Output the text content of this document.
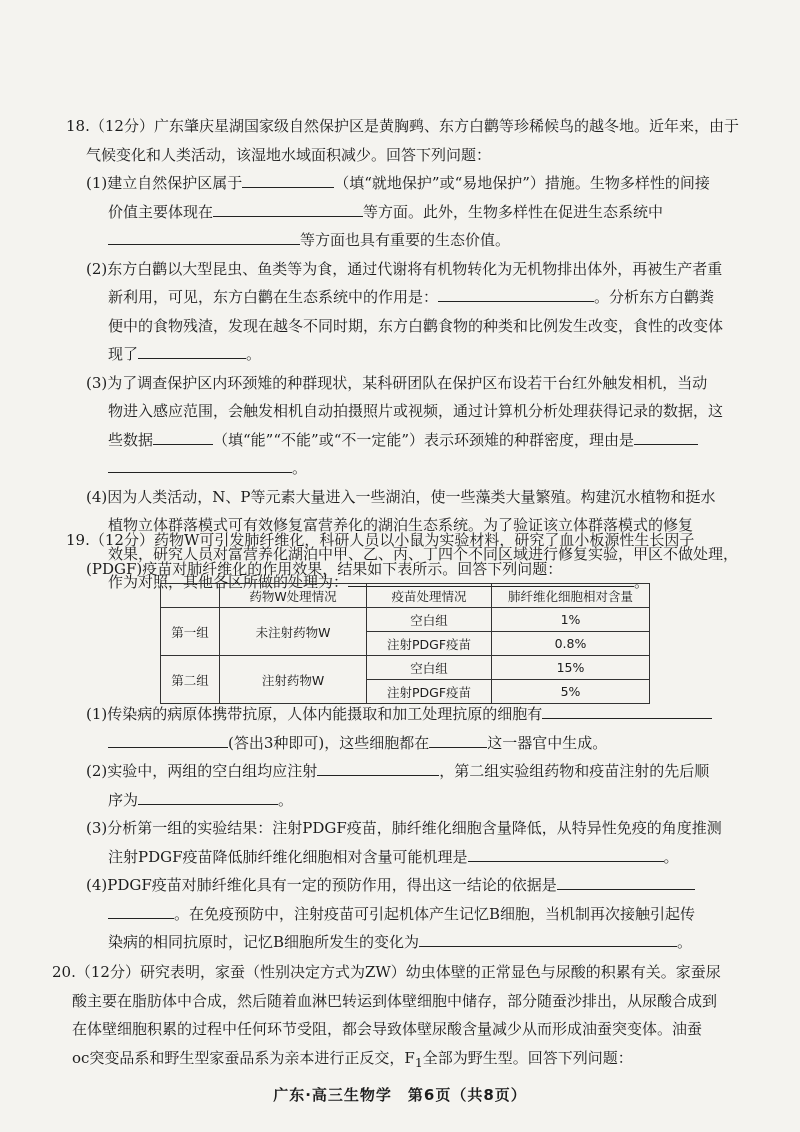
18.（12分）广东肇庆星湖国家级自然保护区是黄胸鹀、东方白鹳等珍稀候鸟的越冬地。近年来，由于

气候变化和人类活动，该湿地水域面积减少。回答下列问题：

(1)建立自然保护区属于	（填“就地保护”或“易地保护”）措施。生物多样性的间接

价值主要体现在	等方面。此外，生物多样性在促进生态系统中

等方面也具有重要的生态价值。

(2)东方白鹳以大型昆虫、鱼类等为食，通过代谢将有机物转化为无机物排出体外，再被生产者重

新利用，可见，东方白鹳在生态系统中的作用是：	。分析东方白鹳粪

便中的食物残渣，发现在越冬不同时期，东方白鹳食物的种类和比例发生改变，食性的改变体

现了	。

(3)为了调查保护区内环颈雉的种群现状，某科研团队在保护区布设若干台红外触发相机，当动

物进入感应范围，会触发相机自动拍摄照片或视频，通过计算机分析处理获得记录的数据，这

些数据	（填“能”“不能”或“不一定能”）表示环颈雉的种群密度，理由是

。

(4)因为人类活动，N、P等元素大量进入一些湖泊，使一些藻类大量繁殖。构建沉水植物和挺水

植物立体群落模式可有效修复富营养化的湖泊生态系统。为了验证该立体群落模式的修复

效果，研究人员对富营养化湖泊中甲、乙、丙、丁四个不同区域进行修复实验，甲区不做处理，

作为对照，其他各区所做的处理为：	。

19.（12分）药物W可引发肺纤维化，科研人员以小鼠为实验材料，研究了血小板源性生长因子

(PDGF)疫苗对肺纤维化的作用效果，结果如下表所示。回答下列问题：

	药物W处理情况	疫苗处理情况	肺纤维化细胞相对含量
第一组	未注射药物W	空白组	1%
		注射PDGF疫苗	0.8%
第二组	注射药物W	空白组	15%
		注射PDGF疫苗	5%

(1)传染病的病原体携带抗原，人体内能摄取和加工处理抗原的细胞有

(答出3种即可)，这些细胞都在	这一器官中生成。

(2)实验中，两组的空白组均应注射	，第二组实验组药物和疫苗注射的先后顺

序为	。

(3)分析第一组的实验结果：注射PDGF疫苗，肺纤维化细胞含量降低，从特异性免疫的角度推测

注射PDGF疫苗降低肺纤维化细胞相对含量可能机理是	。

(4)PDGF疫苗对肺纤维化具有一定的预防作用，得出这一结论的依据是

。在免疫预防中，注射疫苗可引起机体产生记忆B细胞，当机制再次接触引起传

染病的相同抗原时，记忆B细胞所发生的变化为	。

20.（12分）研究表明，家蚕（性别决定方式为ZW）幼虫体壁的正常显色与尿酸的积累有关。家蚕尿

酸主要在脂肪体中合成，然后随着血淋巴转运到体壁细胞中储存，部分随蚕沙排出，从尿酸合成到

在体壁细胞积累的过程中任何环节受阻，都会导致体壁尿酸含量减少从而形成油蚕突变体。油蚕

oc突变品系和野生型家蚕品系为亲本进行正反交，$F_1$全部为野生型。回答下列问题：

广东·高三生物学　第6页（共8页）
